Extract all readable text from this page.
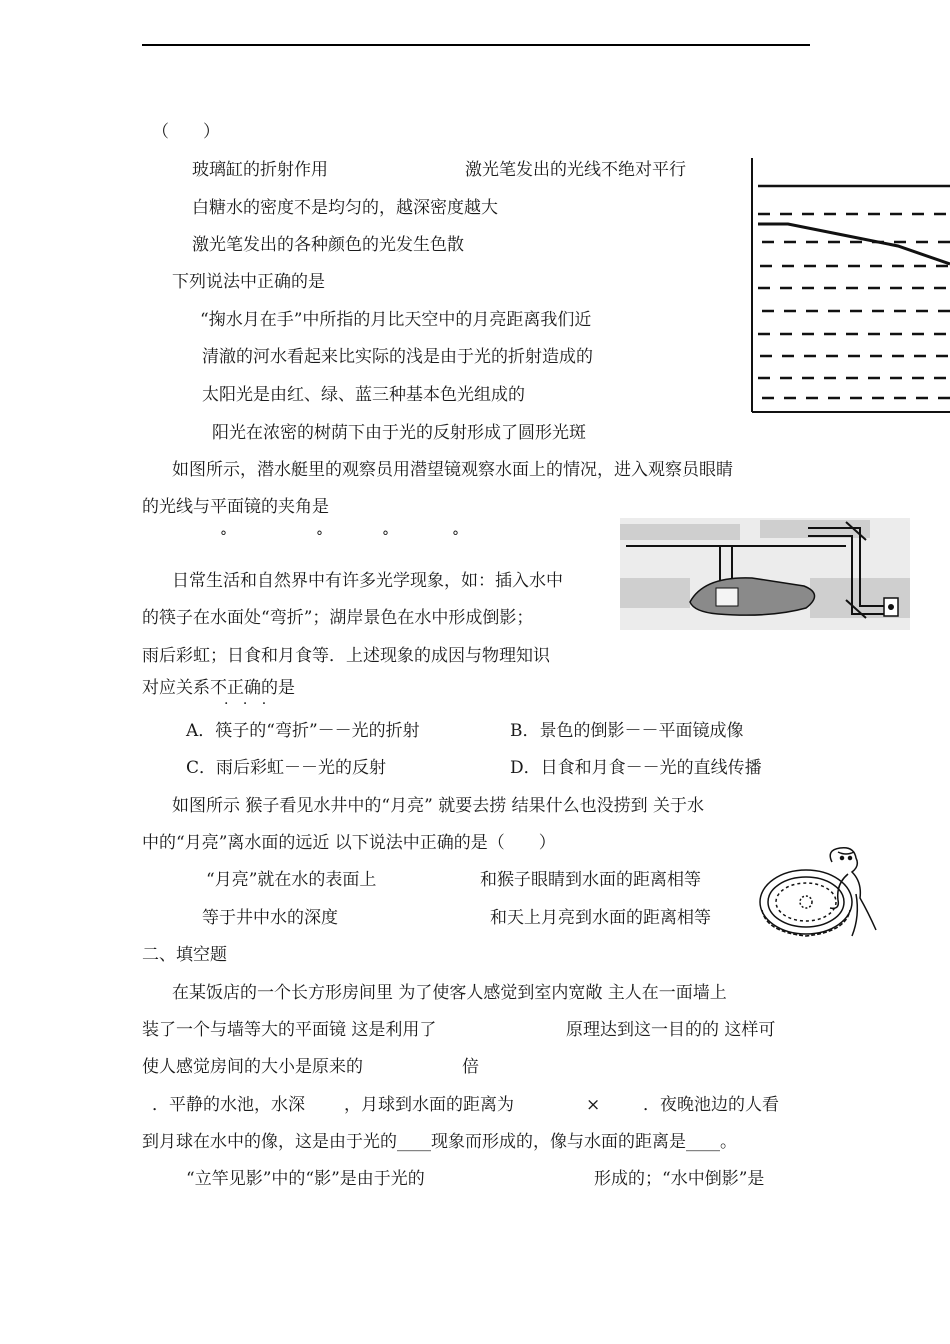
（　　）
玻璃缸的折射作用	激光笔发出的光线不绝对平行
白糖水的密度不是均匀的，越深密度越大
激光笔发出的各种颜色的光发生色散
下列说法中正确的是
“掬水月在手”中所指的月比天空中的月亮距离我们近
清澈的河水看起来比实际的浅是由于光的折射造成的
太阳光是由红、绿、蓝三种基本色光组成的
阳光在浓密的树荫下由于光的反射形成了圆形光斑
如图所示，潜水艇里的观察员用潜望镜观察水面上的情况，进入观察员眼睛
的光线与平面镜的夹角是
°	°	°	°
日常生活和自然界中有许多光学现象，如：插入水中
的筷子在水面处“弯折”；湖岸景色在水中形成倒影；
雨后彩虹；日食和月食等．上述现象的成因与物理知识
对应关系不正确的是
· · ·
A．筷子的“弯折”－－光的折射	B．景色的倒影－－平面镜成像
C．雨后彩虹－－光的反射	D．日食和月食－－光的直线传播
如图所示 猴子看见水井中的“月亮” 就要去捞 结果什么也没捞到 关于水
中的“月亮”离水面的远近 以下说法中正确的是（　　）
“月亮”就在水的表面上	和猴子眼睛到水面的距离相等
等于井中水的深度	和天上月亮到水面的距离相等
二、填空题
在某饭店的一个长方形房间里 为了使客人感觉到室内宽敞 主人在一面墙上
装了一个与墙等大的平面镜 这是利用了	原理达到这一目的的 这样可
使人感觉房间的大小是原来的	倍
．平静的水池，水深 ，月球到水面的距离为	×	．夜晚池边的人看
到月球在水中的像，这是由于光的____现象而形成的，像与水面的距离是____。
“立竿见影”中的“影”是由于光的	形成的；“水中倒影”是
